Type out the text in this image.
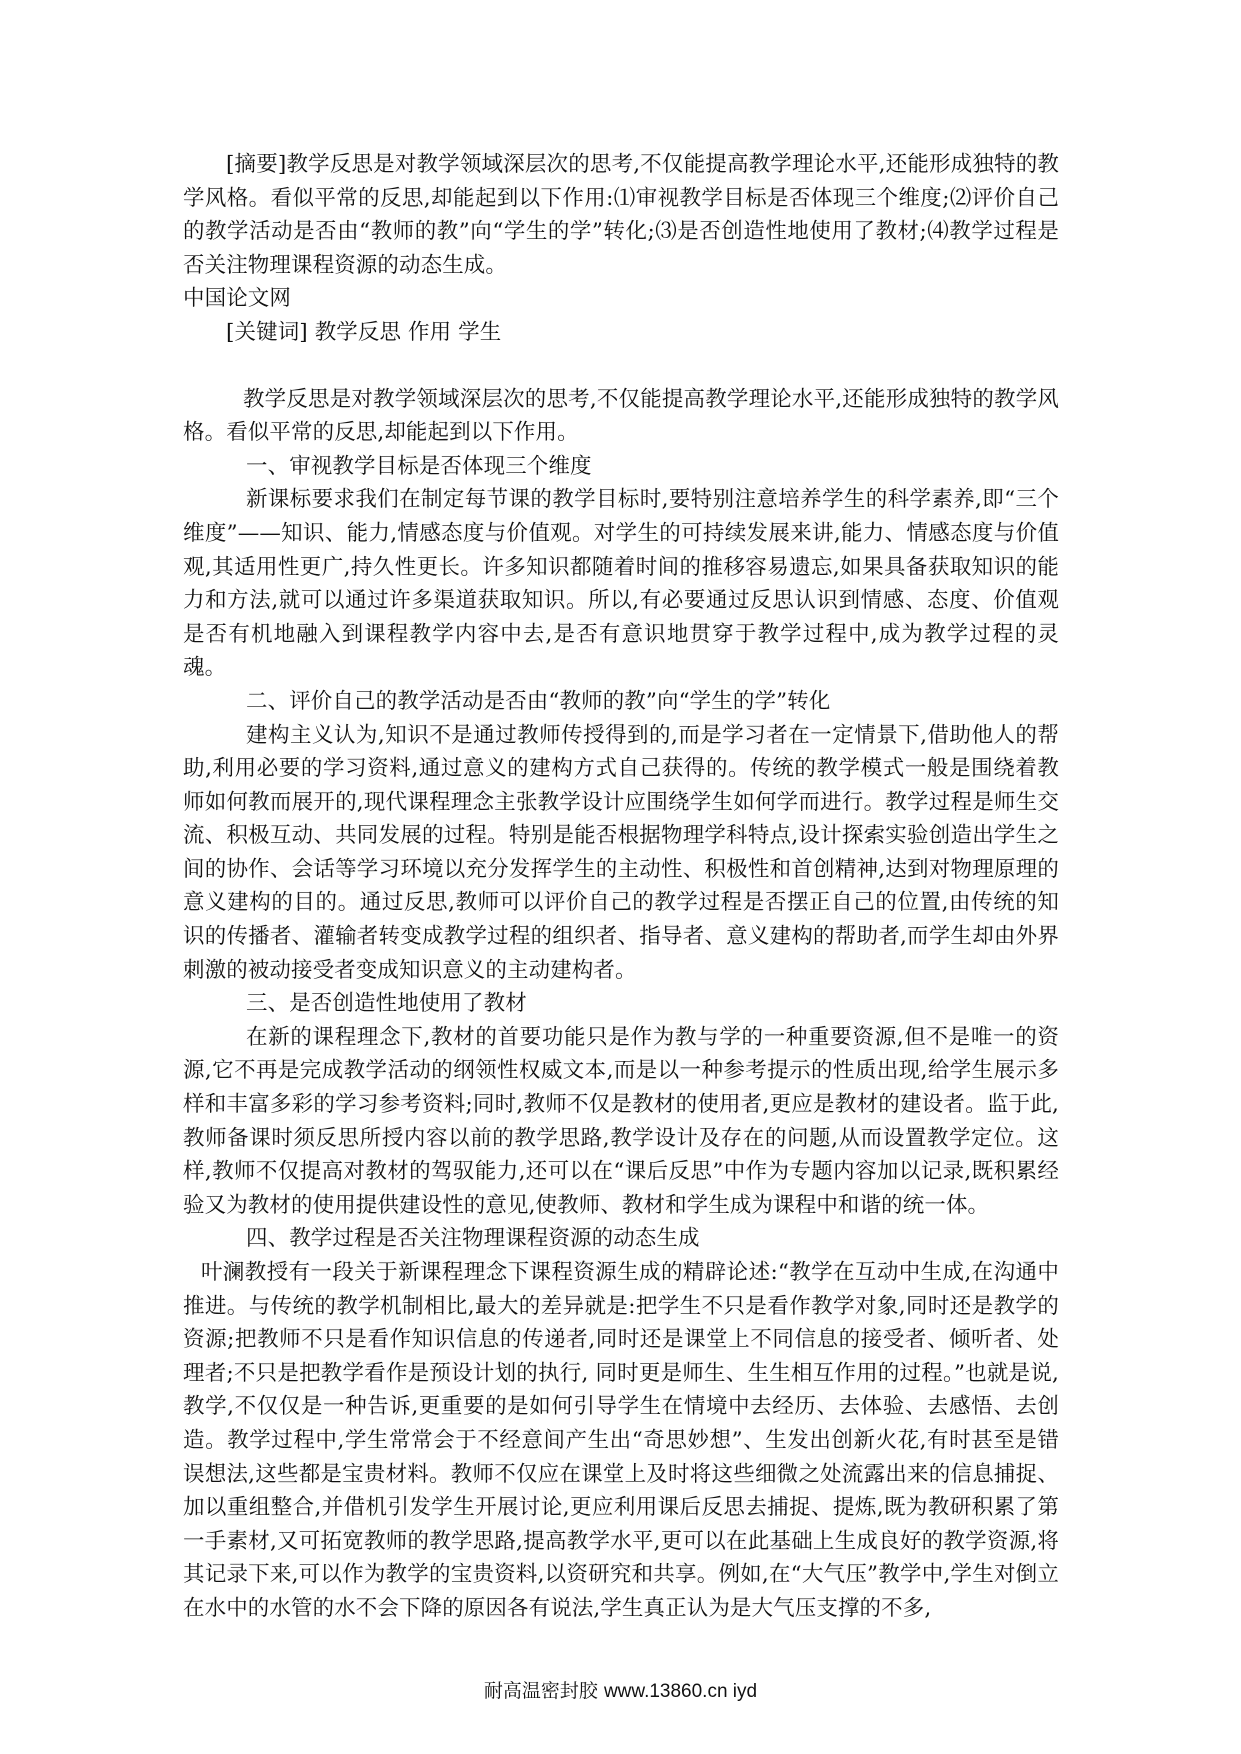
[摘要]教学反思是对教学领域深层次的思考,不仅能提高教学理论水平,还能形成独特的教学风格。看似平常的反思,却能起到以下作用:⑴审视教学目标是否体现三个维度;⑵评价自己的教学活动是否由“教师的教”向“学生的学”转化;⑶是否创造性地使用了教材;⑷教学过程是否关注物理课程资源的动态生成。

中国论文网

[关键词] 教学反思 作用 学生

教学反思是对教学领域深层次的思考,不仅能提高教学理论水平,还能形成独特的教学风格。看似平常的反思,却能起到以下作用。

一、审视教学目标是否体现三个维度

新课标要求我们在制定每节课的教学目标时,要特别注意培养学生的科学素养,即“三个维度”——知识、能力,情感态度与价值观。对学生的可持续发展来讲,能力、情感态度与价值观,其适用性更广,持久性更长。许多知识都随着时间的推移容易遗忘,如果具备获取知识的能力和方法,就可以通过许多渠道获取知识。所以,有必要通过反思认识到情感、态度、价值观是否有机地融入到课程教学内容中去,是否有意识地贯穿于教学过程中,成为教学过程的灵魂。

二、评价自己的教学活动是否由“教师的教”向“学生的学”转化

建构主义认为,知识不是通过教师传授得到的,而是学习者在一定情景下,借助他人的帮助,利用必要的学习资料,通过意义的建构方式自己获得的。传统的教学模式一般是围绕着教师如何教而展开的,现代课程理念主张教学设计应围绕学生如何学而进行。教学过程是师生交流、积极互动、共同发展的过程。特别是能否根据物理学科特点,设计探索实验创造出学生之间的协作、会话等学习环境以充分发挥学生的主动性、积极性和首创精神,达到对物理原理的意义建构的目的。通过反思,教师可以评价自己的教学过程是否摆正自己的位置,由传统的知识的传播者、灌输者转变成教学过程的组织者、指导者、意义建构的帮助者,而学生却由外界刺激的被动接受者变成知识意义的主动建构者。

三、是否创造性地使用了教材

在新的课程理念下,教材的首要功能只是作为教与学的一种重要资源,但不是唯一的资源,它不再是完成教学活动的纲领性权威文本,而是以一种参考提示的性质出现,给学生展示多样和丰富多彩的学习参考资料;同时,教师不仅是教材的使用者,更应是教材的建设者。监于此,教师备课时须反思所授内容以前的教学思路,教学设计及存在的问题,从而设置教学定位。这样,教师不仅提高对教材的驾驭能力,还可以在“课后反思”中作为专题内容加以记录,既积累经验又为教材的使用提供建设性的意见,使教师、教材和学生成为课程中和谐的统一体。

四、教学过程是否关注物理课程资源的动态生成

叶澜教授有一段关于新课程理念下课程资源生成的精辟论述:“教学在互动中生成,在沟通中推进。与传统的教学机制相比,最大的差异就是:把学生不只是看作教学对象,同时还是教学的资源;把教师不只是看作知识信息的传递者,同时还是课堂上不同信息的接受者、倾听者、处理者;不只是把教学看作是预设计划的执行, 同时更是师生、生生相互作用的过程。”也就是说,教学,不仅仅是一种告诉,更重要的是如何引导学生在情境中去经历、去体验、去感悟、去创造。教学过程中,学生常常会于不经意间产生出“奇思妙想”、生发出创新火花,有时甚至是错误想法,这些都是宝贵材料。教师不仅应在课堂上及时将这些细微之处流露出来的信息捕捉、加以重组整合,并借机引发学生开展讨论,更应利用课后反思去捕捉、提炼,既为教研积累了第一手素材,又可拓宽教师的教学思路,提高教学水平,更可以在此基础上生成良好的教学资源,将其记录下来,可以作为教学的宝贵资料,以资研究和共享。例如,在“大气压”教学中,学生对倒立在水中的水管的水不会下降的原因各有说法,学生真正认为是大气压支撑的不多,

耐高温密封胶 www.13860.cn iyd
